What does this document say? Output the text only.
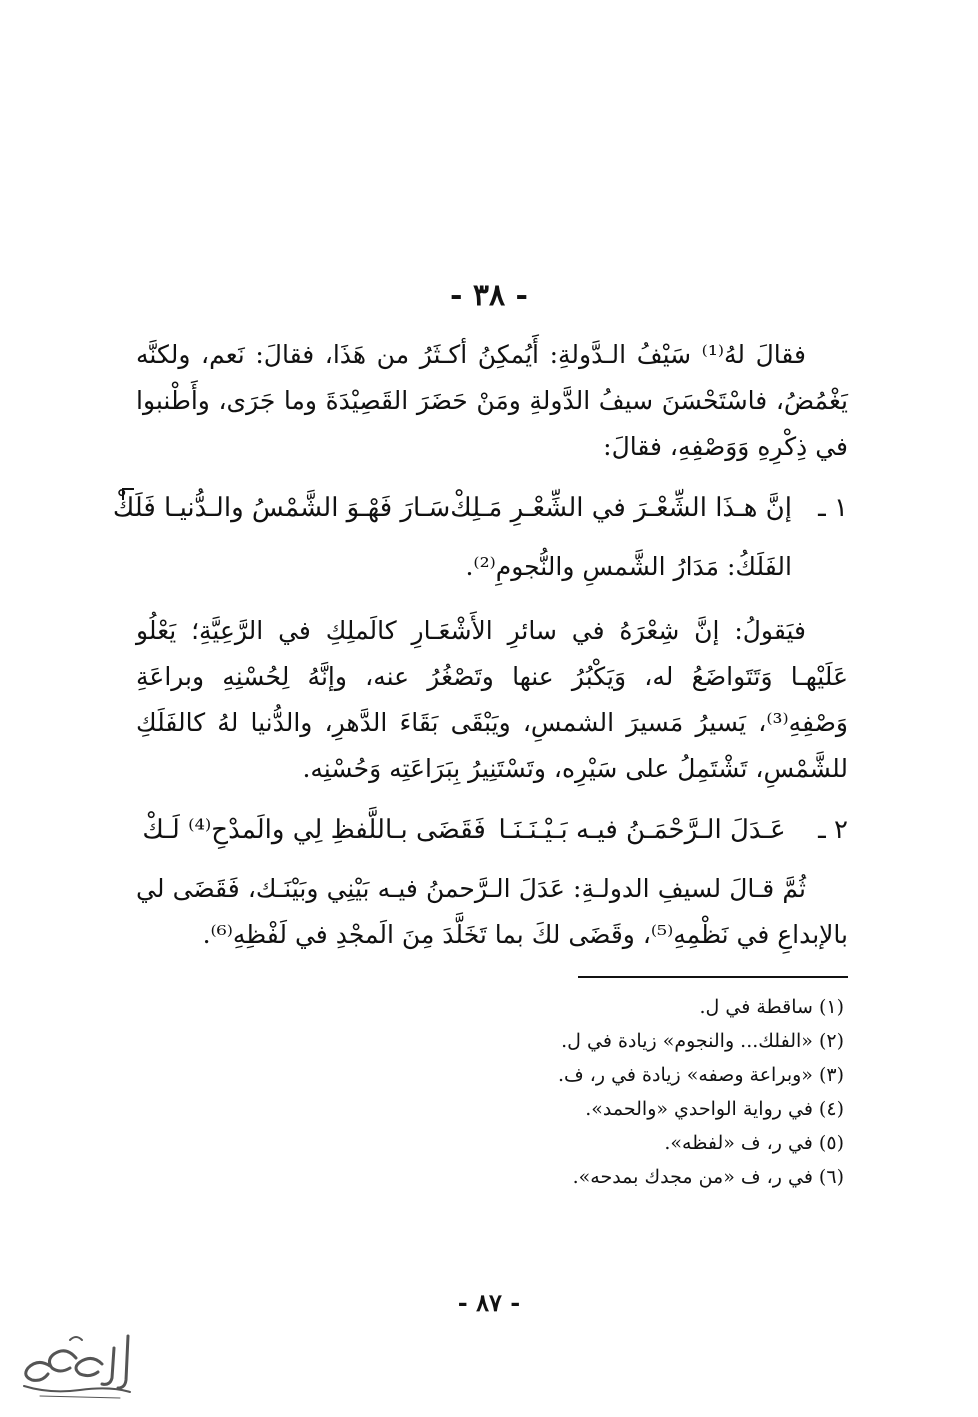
- ٣٨ -

فقالَ لهُ⁽¹⁾ سَيْفُ الـدَّولةِ: أَيُمكِنُ أكـثَرُ من هَذَا، فقالَ: نَعم، ولكنَّه يَغْمُضُ، فاسْتَحْسَنَ سيفُ الدَّولةِ ومَنْ حَضَرَ القَصِيْدَةَ وما جَرَى، وأَطْنبوا في ذِكْرِهِ وَوَصْفِهِ، فقالَ:

١ ـ
إنَّ هـذَا الشِّعْـرَ في الشِّعْـرِ مَـلِكْ
سَـارَ فَهْـوَ الشَّمْسُ والـدُّنيـا فَلَكْ

الفَلَكُ: مَدَارُ الشَّمسِ والنُّجومِ⁽²⁾.

فيَقولُ: إنَّ شِعْرَهُ في سائرِ الأَشْعَـارِ كالَملِكِ في الرَّعِيَّةِ؛ يَعْلُو عَلَيْهـا وَتَتَواضَعُ له، وَيَكْبُرُ عنها وتَصْغُرُ عنه، وإنَّهُ لِحُسْنِهِ وبراعَةِ وَصْفِهِ⁽³⁾، يَسيرُ مَسيرَ الشمسِ، ويَبْقَى بَقَاءَ الدَّهرِ، والدُّنيا لهُ كالفَلَكِ للشَّمْسِ، تَشْتَمِلُ على سَيْرِه، وتَسْتَنِيرُ بِبَرَاعَتِه وَحُسْنِه.

٢ ـ
عَـدَلَ الـرَّحْمَـنُ فيـه بَـيْـنَـنَـا
فَقَضَى بـاللَّفظِ لِي والَمدْحِ⁽⁴⁾ لَـكْ

ثُمَّ قـالَ لسيفِ الدولـةِ: عَدَلَ الـرَّحمنُ فيـه بَيْنِي وبَيْنَـك، فَقَضَى لي بالإبداعِ في نَظْمِهِ⁽⁵⁾، وقَضَى لكَ بما تَخَلَّدَ مِنَ الَمجْدِ في لَفْظِهِ⁽⁶⁾.

(١) ساقطة في ل.
(٢) «الفلك... والنجوم» زيادة في ل.
(٣) «وبراعة وصفه» زيادة في ر، ف.
(٤) في رواية الواحدي «والحمد».
(٥) في ر، ف «لفظه».
(٦) في ر، ف «من مجدك بمدحه».
- ٨٧ -
